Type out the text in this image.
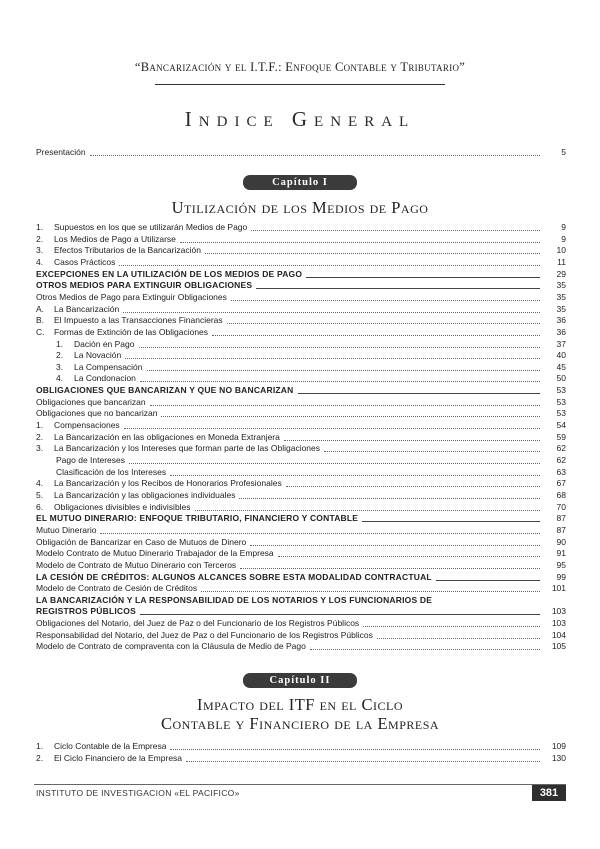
“Bancarización y el I.T.F.: Enfoque Contable y Tributario”
Indice General
Presentación	5
Capítulo I
Utilización de los Medios de Pago
1.	Supuestos en los que se utilizarán Medios de Pago	9
2.	Los Medios de Pago a Utilizarse	9
3.	Efectos Tributarios de la Bancarización	10
4.	Casos Prácticos	11
EXCEPCIONES EN LA UTILIZACIÓN DE LOS MEDIOS DE PAGO	29
OTROS MEDIOS PARA EXTINGUIR OBLIGACIONES	35
Otros Medios de Pago para Extinguir Obligaciones	35
A.	La Bancarización	35
B.	El Impuesto a las Transacciones Financieras	36
C.	Formas de Extinción de las Obligaciones	36
1.	Dación en Pago	37
2.	La Novación	40
3.	La Compensación	45
4.	La Condonacion	50
OBLIGACIONES QUE BANCARIZAN Y QUE NO BANCARIZAN	53
Obligaciones que bancarizan	53
Obligaciones que no bancarizan	53
1.	Compensaciones	54
2.	La Bancarización en las obligaciones en Moneda Extranjera	59
3.	La Bancarización y los Intereses que forman parte de las Obligaciones	62
Pago de Intereses	62
Clasificación de los Intereses	63
4.	La Bancarización y los Recibos de Honorarios Profesionales	67
5.	La Bancarización y las obligaciones individuales	68
6.	Obligaciones divisibles e indivisibles	70
EL MUTUO DINERARIO: ENFOQUE TRIBUTARIO, FINANCIERO Y CONTABLE	87
Mutuo Dinerario	87
Obligación de Bancarizar en Caso de Mutuos de Dinero	90
Modelo Contrato de Mutuo Dinerario Trabajador de la Empresa	91
Modelo de Contrato de Mutuo Dinerario con Terceros	95
LA CESIÓN DE CRÉDITOS: ALGUNOS ALCANCES SOBRE ESTA MODALIDAD CONTRACTUAL	99
Modelo de Contrato de Cesión de Créditos	101
LA BANCARIZACIÓN Y LA RESPONSABILIDAD DE LOS NOTARIOS Y LOS FUNCIONARIOS DE
REGISTROS PÚBLICOS	103
Obligaciones del Notario, del Juez de Paz o del Funcionario de los Registros Públicos	103
Responsabilidad del Notario, del Juez de Paz o del Funcionario de los Registros Públicos	104
Modelo de Contrato de compraventa con la Cláusula de Medio de Pago	105
Capítulo II
Impacto del ITF en el Ciclo
Contable y Financiero de la Empresa
1.	Ciclo Contable de la Empresa	109
2.	El Ciclo Financiero de la Empresa	130
INSTITUTO DE INVESTIGACION «EL PACIFICO»	381
